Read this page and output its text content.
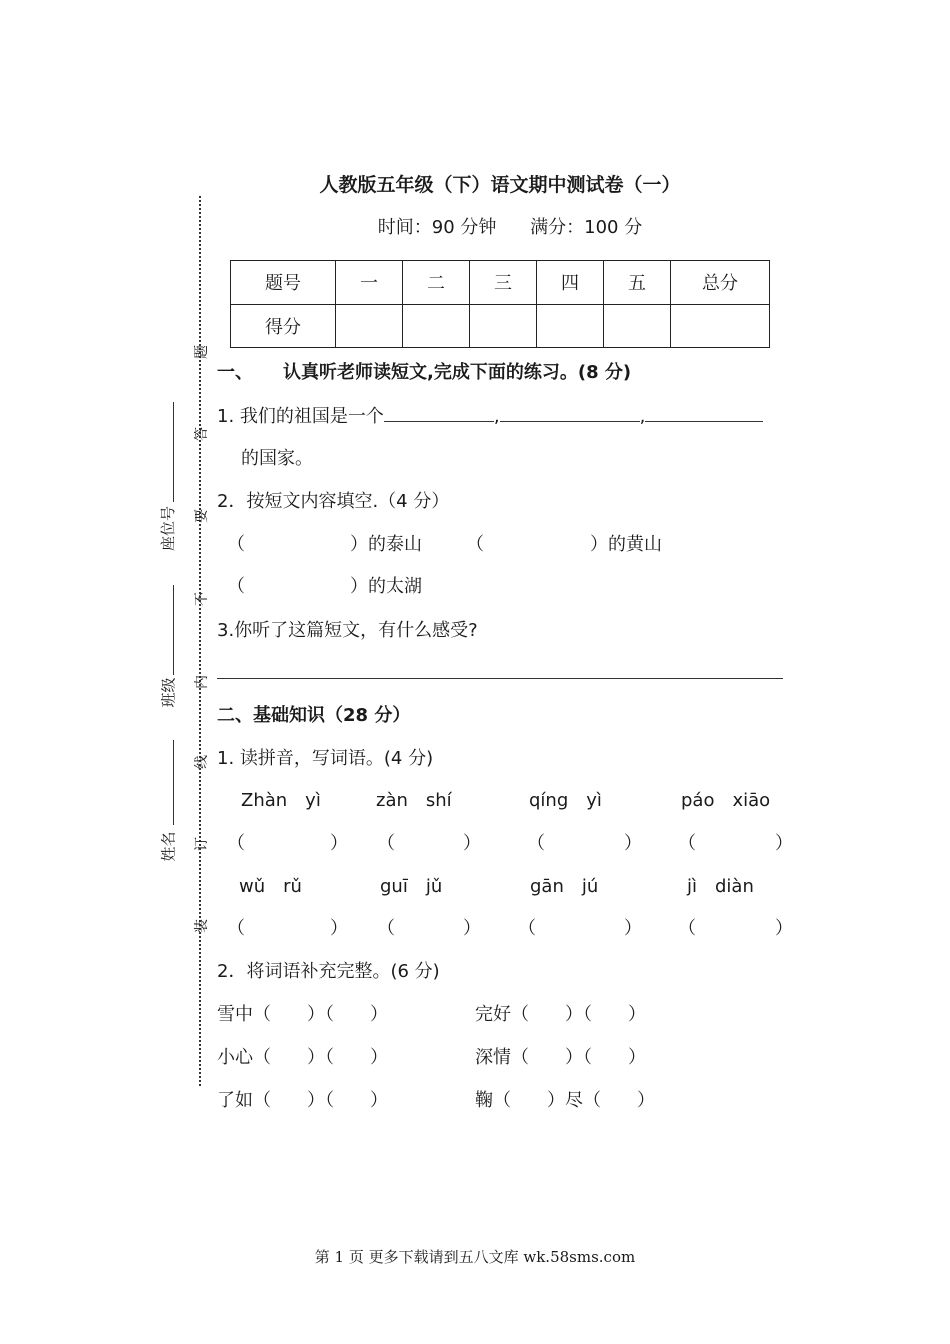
人教版五年级（下）语文期中测试卷（一）
时间：90 分钟 满分：100 分
题号	一	二	三	四	五	总分
得分						
题
答
要
不
内
线
订
装
座位号
班级
姓名
一、 认真听老师读短文,完成下面的练习。(8 分)
1. 我们的祖国是一个	,	,
的国家。
2．按短文内容填空.（4 分）
（	）的泰山 （	）的黄山
（	）的太湖
3.你听了这篇短文，有什么感受?
二、基础知识（28 分）
1. 读拼音，写词语。(4 分)
Zhàn　yì	zàn　shí	qíng　yì	páo　xiāo
（	） （	）	（	） （	）
wǔ　rǔ	guī　jǔ	gān　jú	jì　diàn
（	） （	） （	） （	）
2．将词语补充完整。(6 分)
雪中（　　）（　　）	完好（　　）（　　）
小心（　　）（　　）	深情（　　）（　　）
了如（　　）（　　）	鞠（　　）尽（　　）
第 1 页 更多下载请到五八文库 wk.58sms.com
